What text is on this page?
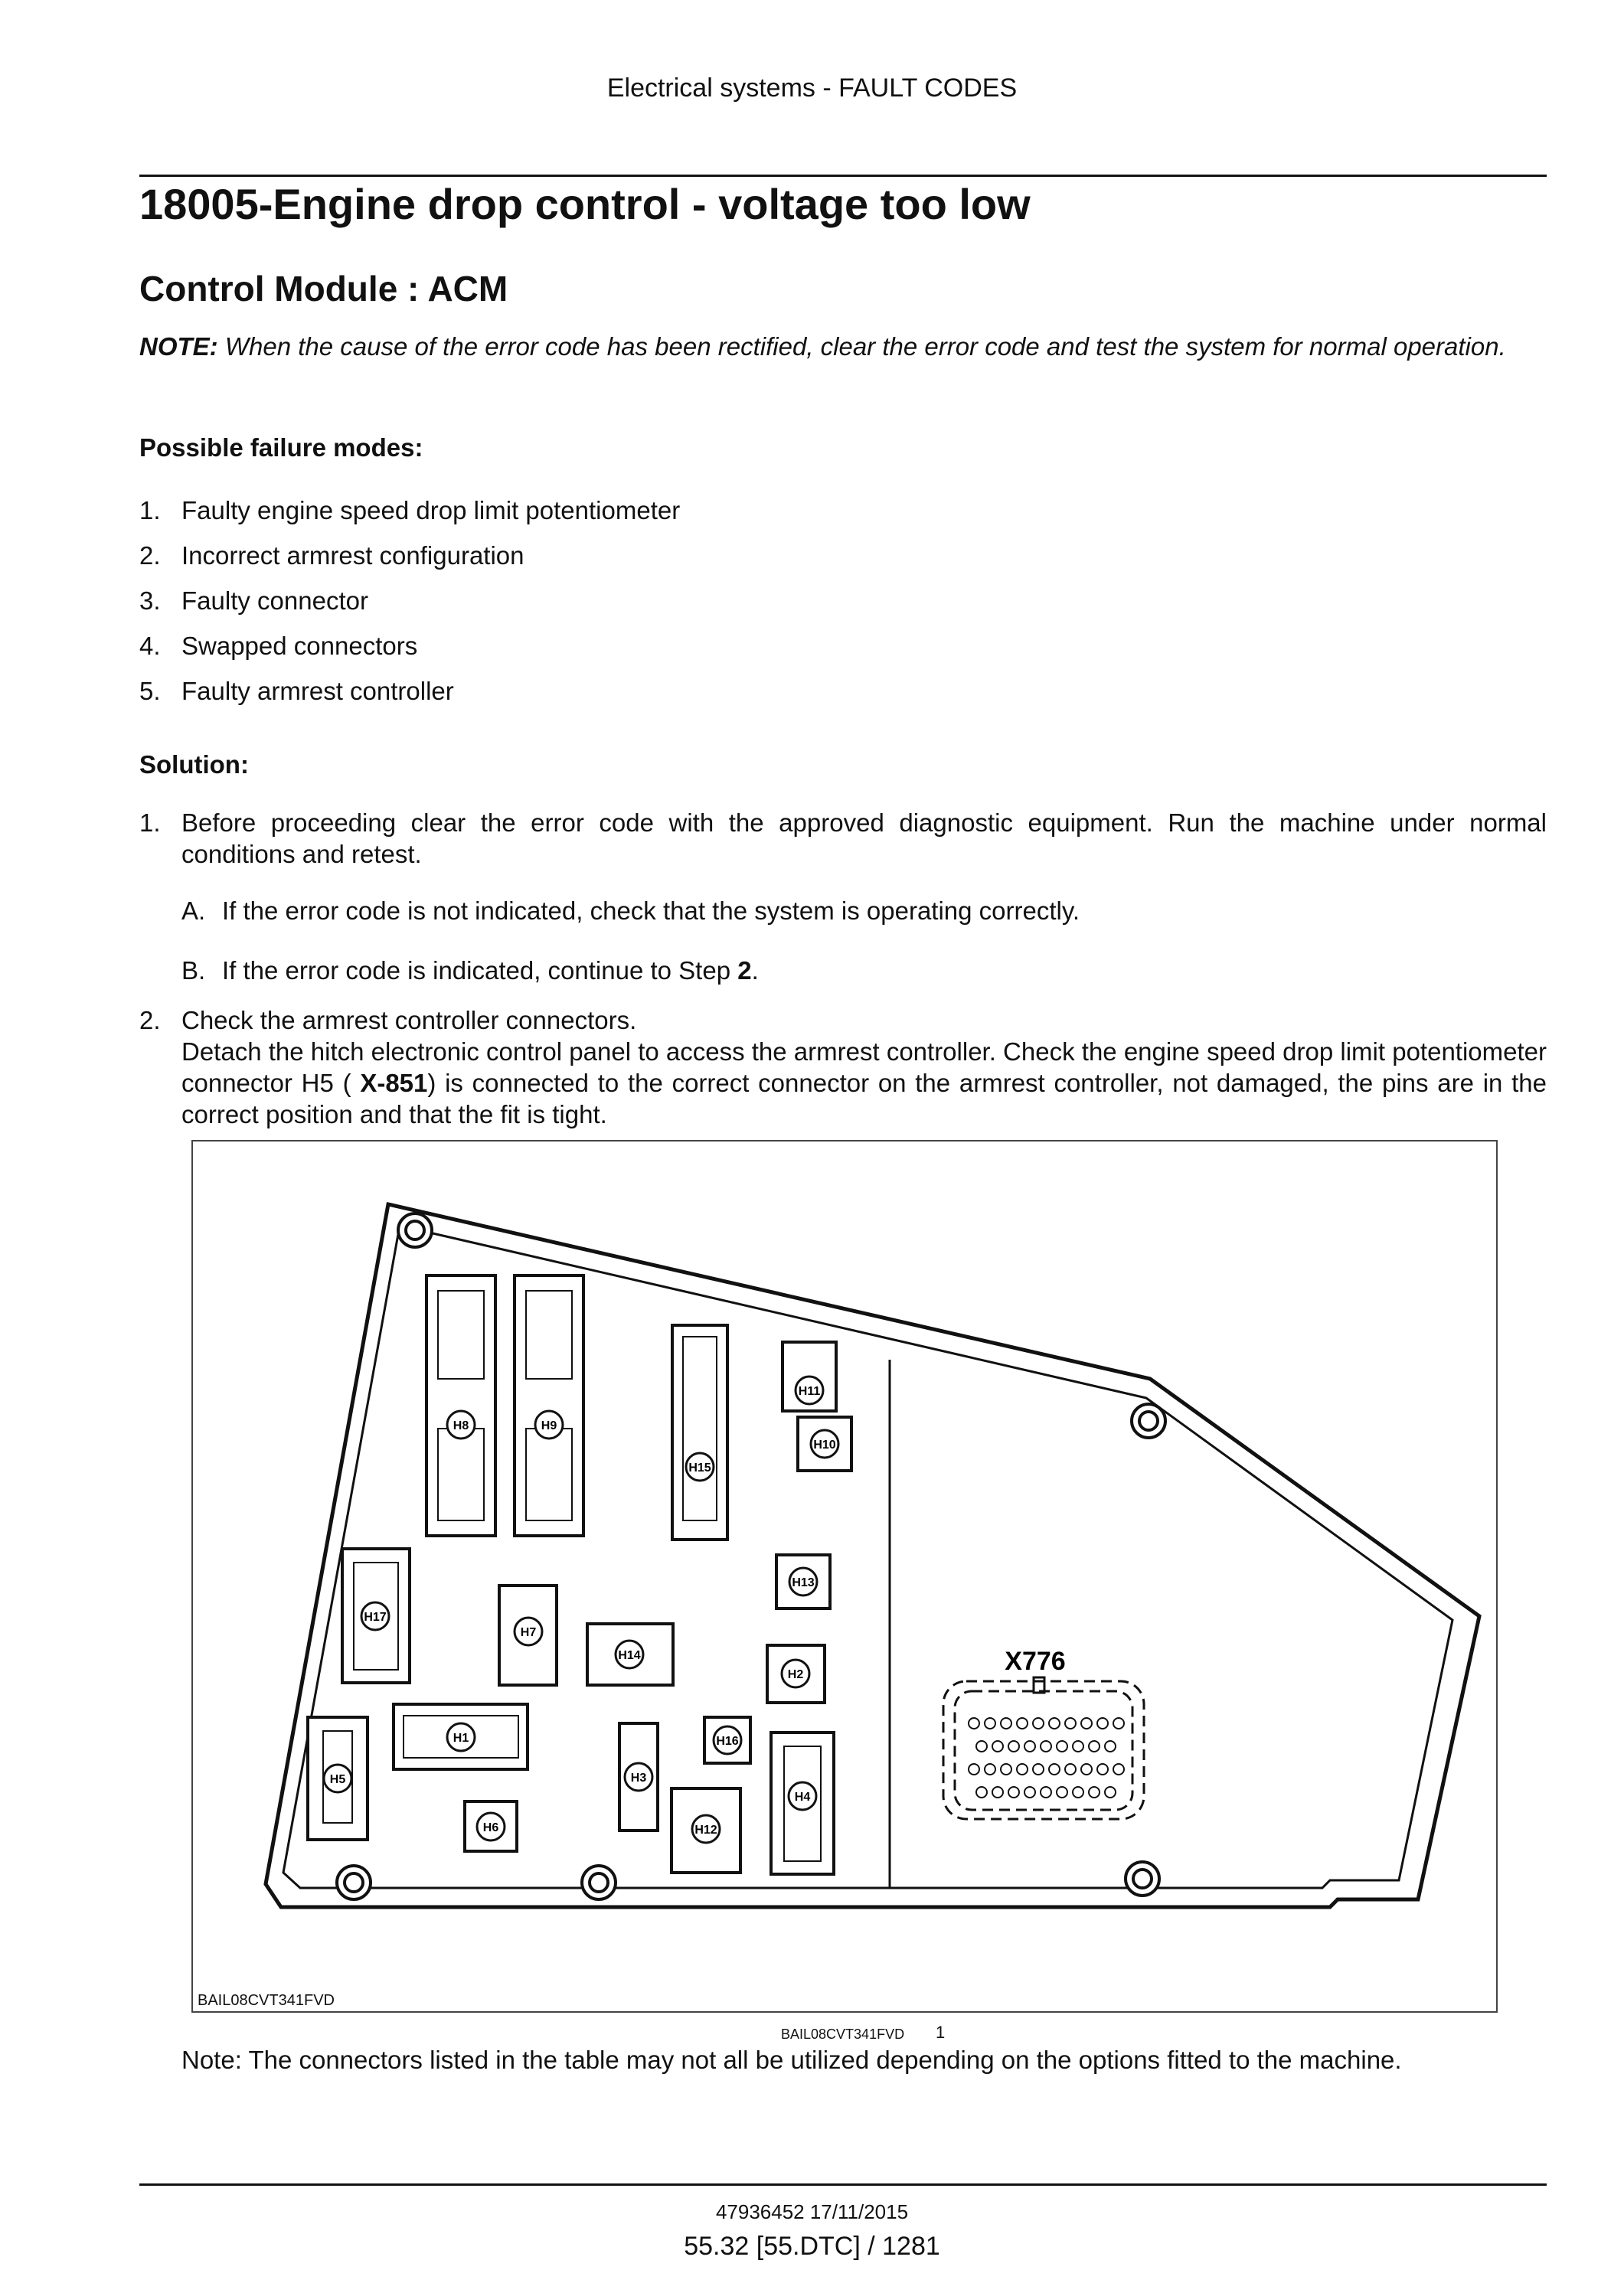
Electrical systems - FAULT CODES
18005-Engine drop control - voltage too low
Control Module : ACM
NOTE: When the cause of the error code has been rectified, clear the error code and test the system for normal operation.
Possible failure modes:
1. Faulty engine speed drop limit potentiometer
2. Incorrect armrest configuration
3. Faulty connector
4. Swapped connectors
5. Faulty armrest controller
Solution:
1. Before proceeding clear the error code with the approved diagnostic equipment. Run the machine under normal conditions and retest.
A. If the error code is not indicated, check that the system is operating correctly.
B. If the error code is indicated, continue to Step 2.
2. Check the armrest controller connectors.
Detach the hitch electronic control panel to access the armrest controller. Check the engine speed drop limit potentiometer connector H5 ( X-851) is connected to the correct connector on the armrest controller, not damaged, the pins are in the correct position and that the fit is tight.
H8	H9
H15
H11
H10
H13
H17
H7
H14
H2
H5
H1
H3
H16
H4
H6	H12
X776
BAIL08CVT341FVD
BAIL08CVT341FVD 1
Note: The connectors listed in the table may not all be utilized depending on the options fitted to the machine.
47936452 17/11/2015
55.32 [55.DTC] / 1281
